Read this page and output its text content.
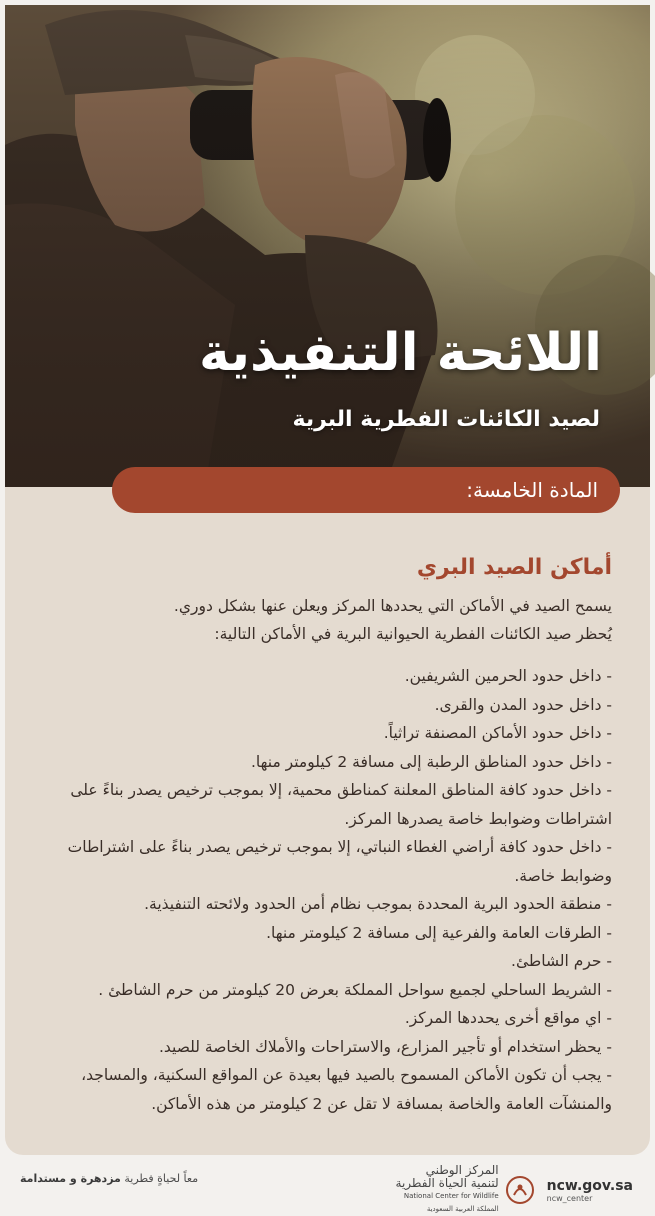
اللائحة التنفيذية
لصيد الكائنات الفطرية البرية
المادة الخامسة:
أماكن الصيد البري

يسمح الصيد في الأماكن التي يحددها المركز ويعلن عنها بشكل دوري.

يُحظر صيد الكائنات الفطرية الحيوانية البرية في الأماكن التالية:

- داخل حدود الحرمين الشريفين.
- داخل حدود المدن والقرى.
- داخل حدود الأماكن المصنفة تراثياً.
- داخل حدود المناطق الرطبة إلى مسافة 2 كيلومتر منها.
- داخل حدود كافة المناطق المعلنة كمناطق محمية، إلا بموجب ترخيص يصدر بناءً على اشتراطات وضوابط خاصة يصدرها المركز.
- داخل حدود كافة أراضي الغطاء النباتي، إلا بموجب ترخيص يصدر بناءً على اشتراطات وضوابط خاصة.
- منطقة الحدود البرية المحددة بموجب نظام أمن الحدود ولائحته التنفيذية.
- الطرقات العامة والفرعية إلى مسافة 2 كيلومتر منها.
- حرم الشاطئ.
- الشريط الساحلي لجميع سواحل المملكة بعرض 20 كيلومتر من حرم الشاطئ .
- اي مواقع أخرى يحددها المركز.
- يحظر استخدام أو تأجير المزارع، والاستراحات والأملاك الخاصة للصيد.
- يجب أن تكون الأماكن المسموح بالصيد فيها بعيدة عن المواقع السكنية، والمساجد، والمنشآت العامة والخاصة بمسافة لا تقل عن 2 كيلومتر من هذه الأماكن.
معاً لحياةٍ فطرية مزدهرة و مستدامة
المركز الوطني
لتنمية الحياة الفطرية
National Center for Wildlife
المملكة العربية السعودية
ncw.gov.sa
ncw_center
